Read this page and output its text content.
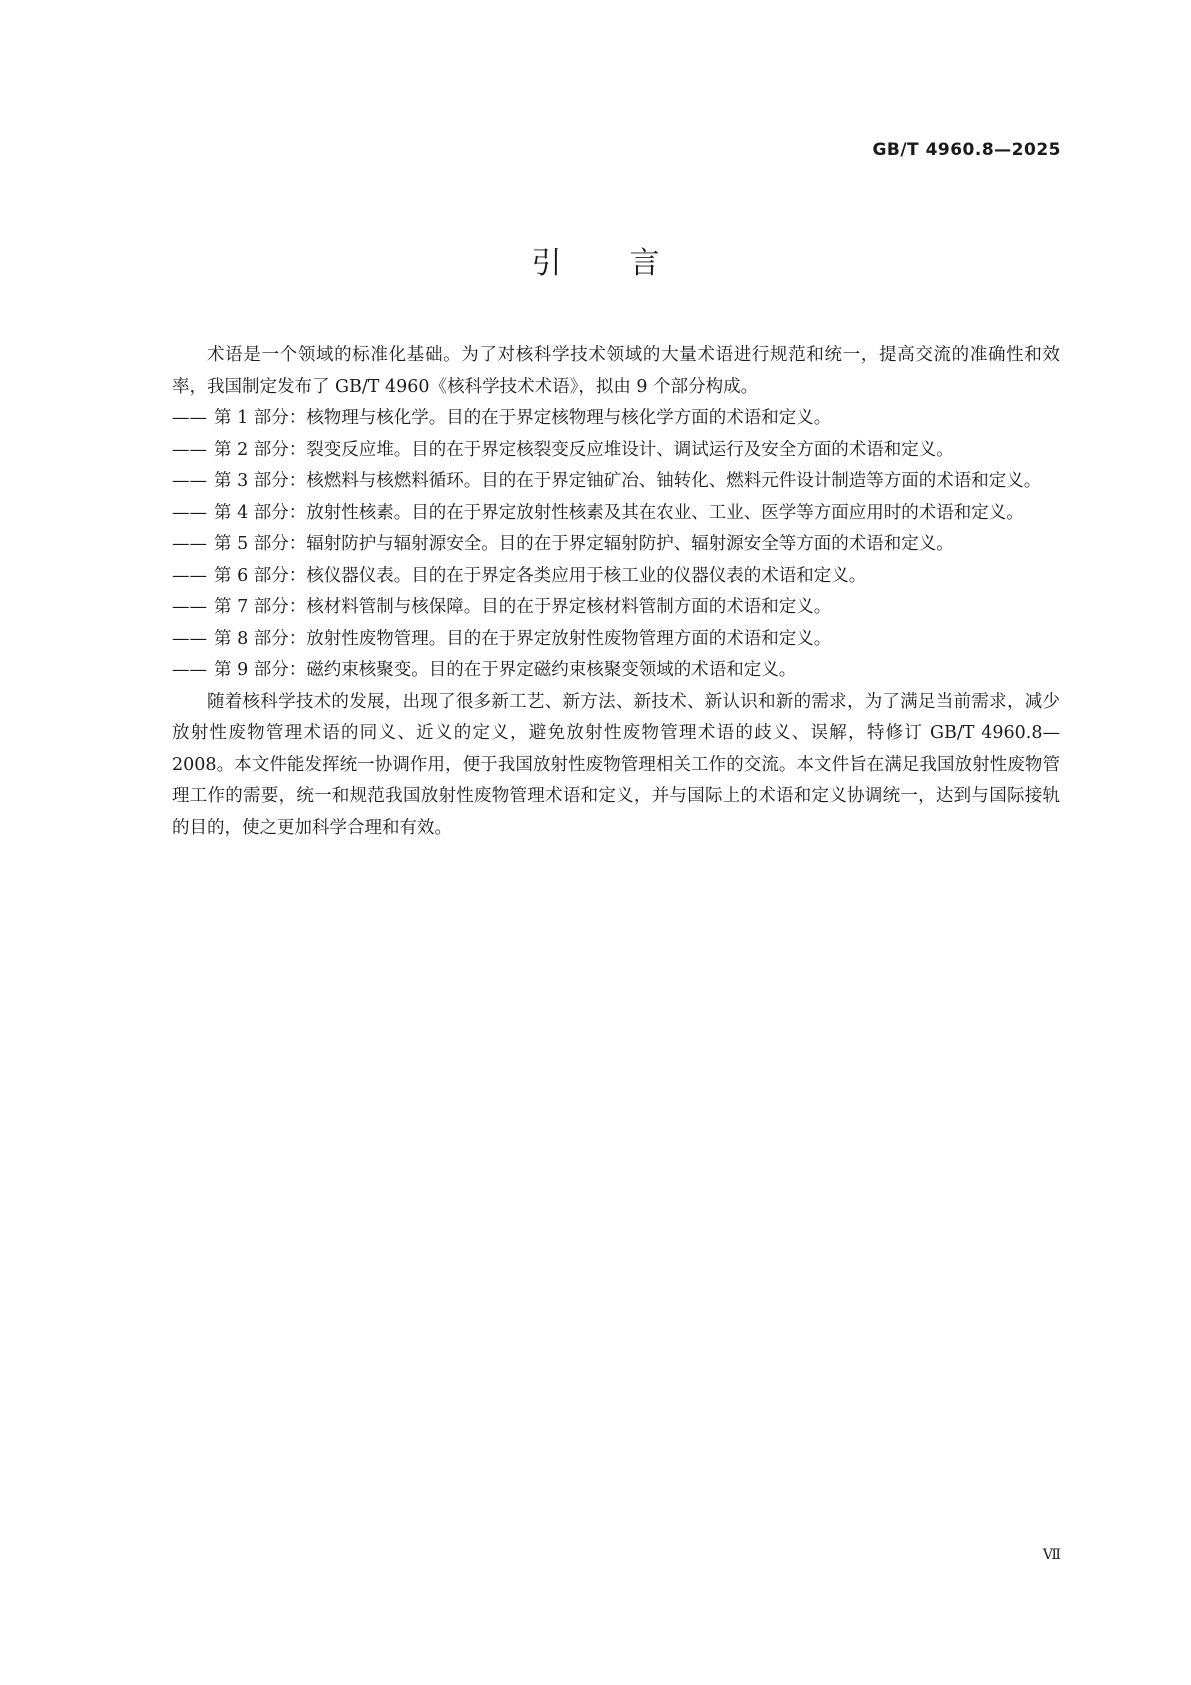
GB/T 4960.8—2025
引言

术语是一个领域的标准化基础。为了对核科学技术领域的大量术语进行规范和统一，提高交流的准确性和效率，我国制定发布了 GB/T 4960《核科学技术术语》，拟由 9 个部分构成。

—— 第 1 部分：核物理与核化学。目的在于界定核物理与核化学方面的术语和定义。

—— 第 2 部分：裂变反应堆。目的在于界定核裂变反应堆设计、调试运行及安全方面的术语和定义。

—— 第 3 部分：核燃料与核燃料循环。目的在于界定铀矿冶、铀转化、燃料元件设计制造等方面的术语和定义。

—— 第 4 部分：放射性核素。目的在于界定放射性核素及其在农业、工业、医学等方面应用时的术语和定义。

—— 第 5 部分：辐射防护与辐射源安全。目的在于界定辐射防护、辐射源安全等方面的术语和定义。

—— 第 6 部分：核仪器仪表。目的在于界定各类应用于核工业的仪器仪表的术语和定义。

—— 第 7 部分：核材料管制与核保障。目的在于界定核材料管制方面的术语和定义。

—— 第 8 部分：放射性废物管理。目的在于界定放射性废物管理方面的术语和定义。

—— 第 9 部分：磁约束核聚变。目的在于界定磁约束核聚变领域的术语和定义。

随着核科学技术的发展，出现了很多新工艺、新方法、新技术、新认识和新的需求，为了满足当前需求，减少放射性废物管理术语的同义、近义的定义，避免放射性废物管理术语的歧义、误解，特修订 GB/T 4960.8—2008。本文件能发挥统一协调作用，便于我国放射性废物管理相关工作的交流。本文件旨在满足我国放射性废物管理工作的需要，统一和规范我国放射性废物管理术语和定义，并与国际上的术语和定义协调统一，达到与国际接轨的目的，使之更加科学合理和有效。

Ⅶ
